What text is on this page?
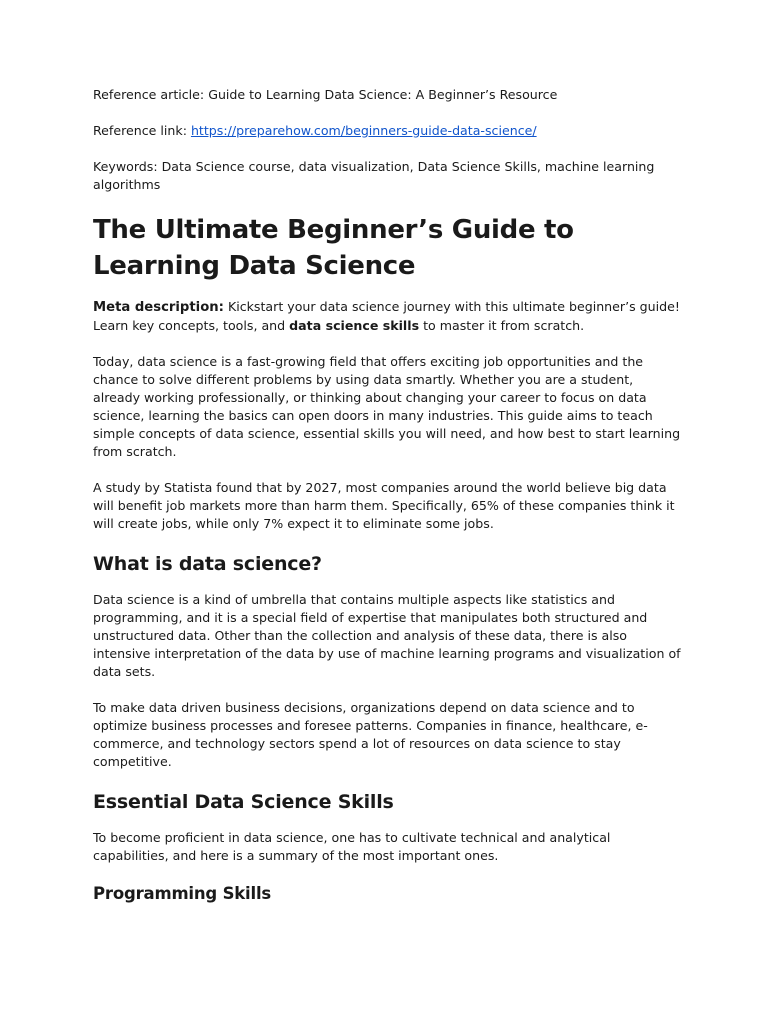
Reference article: Guide to Learning Data Science: A Beginner’s Resource

Reference link: https://preparehow.com/beginners-guide-data-science/

Keywords: Data Science course, data visualization, Data Science Skills, machine learning algorithms

The Ultimate Beginner’s Guide to Learning Data Science

Meta description: Kickstart your data science journey with this ultimate beginner’s guide! Learn key concepts, tools, and data science skills to master it from scratch.

Today, data science is a fast-growing field that offers exciting job opportunities and the chance to solve different problems by using data smartly. Whether you are a student, already working professionally, or thinking about changing your career to focus on data science, learning the basics can open doors in many industries. This guide aims to teach simple concepts of data science, essential skills you will need, and how best to start learning from scratch.

A study by Statista found that by 2027, most companies around the world believe big data will benefit job markets more than harm them. Specifically, 65% of these companies think it will create jobs, while only 7% expect it to eliminate some jobs.

What is data science?

Data science is a kind of umbrella that contains multiple aspects like statistics and programming, and it is a special field of expertise that manipulates both structured and unstructured data. Other than the collection and analysis of these data, there is also intensive interpretation of the data by use of machine learning programs and visualization of data sets.

To make data driven business decisions, organizations depend on data science and to optimize business processes and foresee patterns. Companies in finance, healthcare, e-commerce, and technology sectors spend a lot of resources on data science to stay competitive.

Essential Data Science Skills

To become proficient in data science, one has to cultivate technical and analytical capabilities, and here is a summary of the most important ones.

Programming Skills
